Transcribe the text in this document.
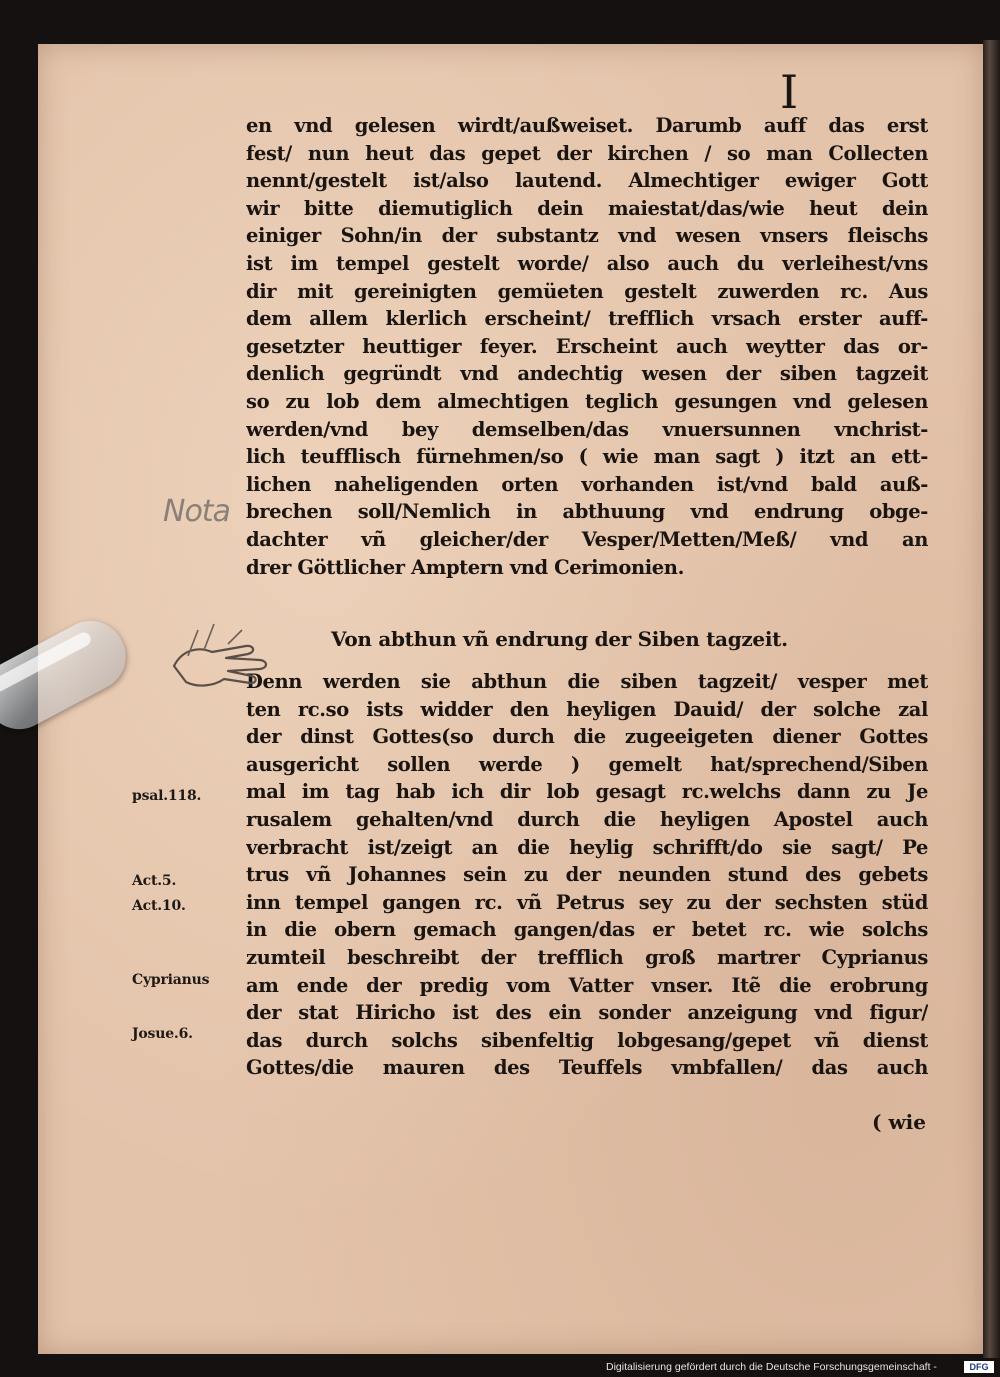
I
en vnd gelesen wirdt/außweiset. Darumb auff das erst
fest/ nun heut das gepet der kirchen / so man Collecten
nennt/gestelt ist/also lautend. Almechtiger ewiger Gott
wir bitte diemutiglich dein maiestat/das/wie heut dein
einiger Sohn/in der substantz vnd wesen vnsers fleischs
ist im tempel gestelt worde/ also auch du verleihest/vns
dir mit gereinigten gemüeten gestelt zuwerden rc. Aus
dem allem klerlich erscheint/ trefflich vrsach erster auff-
gesetzter heuttiger feyer. Erscheint auch weytter das or-
denlich gegründt vnd andechtig wesen der siben tagzeit
so zu lob dem almechtigen teglich gesungen vnd gelesen
werden/vnd bey demselben/das vnuersunnen vnchrist-
lich teufflisch fürnehmen/so ( wie man sagt ) itzt an ett-
lichen naheligenden orten vorhanden ist/vnd bald auß-
brechen soll/Nemlich in abthuung vnd endrung obge-
dachter vñ gleicher/der Vesper/Metten/Meß/ vnd an
drer Göttlicher Amptern vnd Cerimonien.
Von abthun vñ endrung der Siben tagzeit.
Denn werden sie abthun die siben tagzeit/ vesper met
ten rc.so ists widder den heyligen Dauid/ der solche zal
der dinst Gottes(so durch die zugeeigeten diener Gottes
ausgericht sollen werde ) gemelt hat/sprechend/Siben
mal im tag hab ich dir lob gesagt rc.welchs dann zu Je
rusalem gehalten/vnd durch die heyligen Apostel auch
verbracht ist/zeigt an die heylig schrifft/do sie sagt/ Pe
trus vñ Johannes sein zu der neunden stund des gebets
inn tempel gangen rc. vñ Petrus sey zu der sechsten stüd
in die obern gemach gangen/das er betet rc. wie solchs
zumteil beschreibt der trefflich groß martrer Cyprianus
am ende der predig vom Vatter vnser. Itẽ die erobrung
der stat Hiricho ist des ein sonder anzeigung vnd figur/
das durch solchs sibenfeltig lobgesang/gepet vñ dienst
Gottes/die mauren des Teuffels vmbfallen/ das auch
( wie
psal.118.
Act.5.
Act.10.
Cyprianus
Josue.6.
Nota
Digitalisierung gefördert durch die Deutsche Forschungsgemeinschaft -	DFG
